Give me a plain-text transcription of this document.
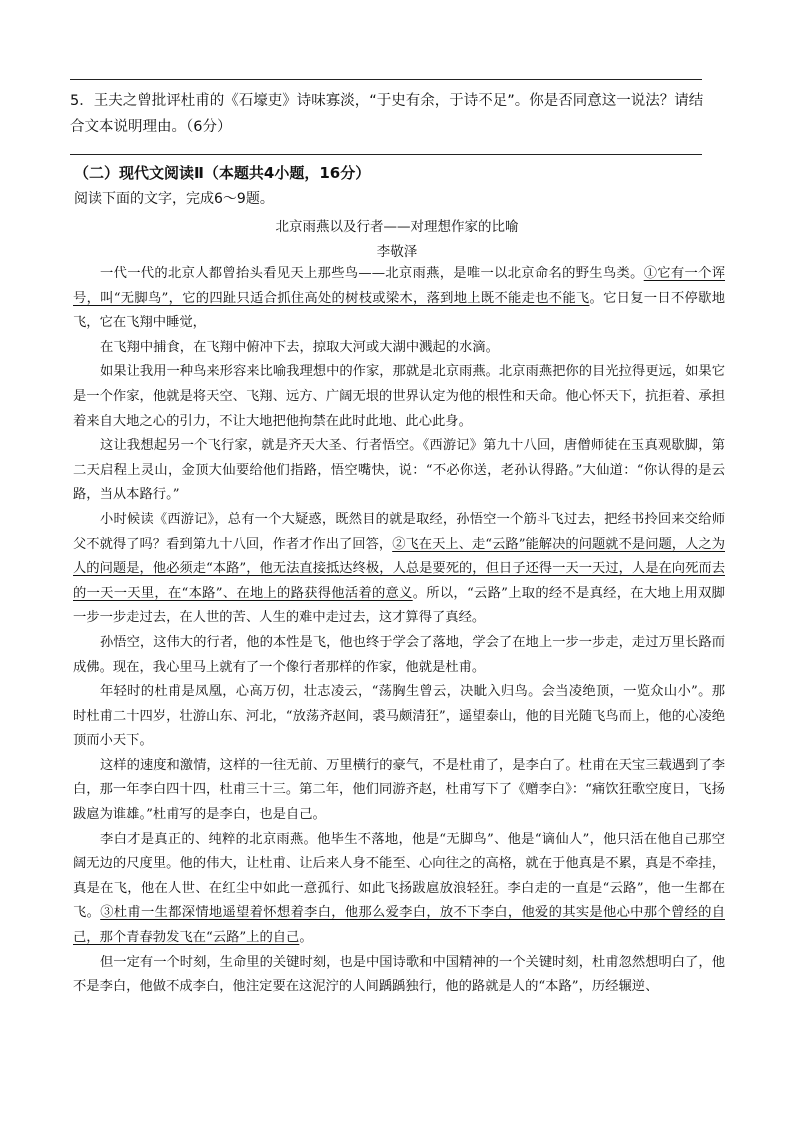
5．王夫之曾批评杜甫的《石壕吏》诗味寡淡，“于史有余，于诗不足”。你是否同意这一说法？请结合文本说明理由。（6分）
（二）现代文阅读Ⅱ（本题共4小题，16分）
阅读下面的文字，完成6～9题。
北京雨燕以及行者——对理想作家的比喻
李敬泽

一代一代的北京人都曾抬头看见天上那些鸟——北京雨燕，是唯一以北京命名的野生鸟类。①它有一个诨号，叫“无脚鸟”，它的四趾只适合抓住高处的树枝或梁木，落到地上既不能走也不能飞。它日复一日不停歇地飞，它在飞翔中睡觉，

在飞翔中捕食，在飞翔中俯冲下去，掠取大河或大湖中溅起的水滴。

如果让我用一种鸟来形容来比喻我理想中的作家，那就是北京雨燕。北京雨燕把你的目光拉得更远，如果它是一个作家，他就是将天空、飞翔、远方、广阔无垠的世界认定为他的根性和天命。他心怀天下，抗拒着、承担着来自大地之心的引力，不让大地把他拘禁在此时此地、此心此身。

这让我想起另一个飞行家，就是齐天大圣、行者悟空。《西游记》第九十八回，唐僧师徒在玉真观歇脚，第二天启程上灵山，金顶大仙要给他们指路，悟空嘴快，说：“不必你送，老孙认得路。”大仙道：“你认得的是云路，当从本路行。”

小时候读《西游记》，总有一个大疑惑，既然目的就是取经，孙悟空一个筋斗飞过去，把经书拎回来交给师父不就得了吗？看到第九十八回，作者才作出了回答，②飞在天上、走“云路”能解决的问题就不是问题，人之为人的问题是，他必须走“本路”，他无法直接抵达终极，人总是要死的，但日子还得一天一天过，人是在向死而去的一天一天里，在“本路”、在地上的路获得他活着的意义。所以，“云路”上取的经不是真经，在大地上用双脚一步一步走过去，在人世的苦、人生的难中走过去，这才算得了真经。

孙悟空，这伟大的行者，他的本性是飞，他也终于学会了落地，学会了在地上一步一步走，走过万里长路而成佛。现在，我心里马上就有了一个像行者那样的作家，他就是杜甫。

年轻时的杜甫是凤凰，心高万仞，壮志凌云，“荡胸生曾云，决眦入归鸟。会当凌绝顶，一览众山小”。那时杜甫二十四岁，壮游山东、河北，“放荡齐赵间，裘马颇清狂”，遥望泰山，他的目光随飞鸟而上，他的心凌绝顶而小天下。

这样的速度和激情，这样的一往无前、万里横行的豪气，不是杜甫了，是李白了。杜甫在天宝三载遇到了李白，那一年李白四十四，杜甫三十三。第二年，他们同游齐赵，杜甫写下了《赠李白》：“痛饮狂歌空度日，飞扬跋扈为谁雄。”杜甫写的是李白，也是自己。

李白才是真正的、纯粹的北京雨燕。他毕生不落地，他是“无脚鸟”、他是“谪仙人”，他只活在他自己那空阔无边的尺度里。他的伟大，让杜甫、让后来人身不能至、心向往之的高格，就在于他真是不累，真是不牵挂，真是在飞，他在人世、在红尘中如此一意孤行、如此飞扬跋扈放浪轻狂。李白走的一直是“云路”，他一生都在飞。③杜甫一生都深情地遥望着怀想着李白，他那么爱李白，放不下李白，他爱的其实是他心中那个曾经的自己，那个青春勃发飞在“云路”上的自己。

但一定有一个时刻，生命里的关键时刻，也是中国诗歌和中国精神的一个关键时刻，杜甫忽然想明白了，他不是李白，他做不成李白，他注定要在这泥泞的人间踽踽独行，他的路就是人的“本路”，历经辗逆、
